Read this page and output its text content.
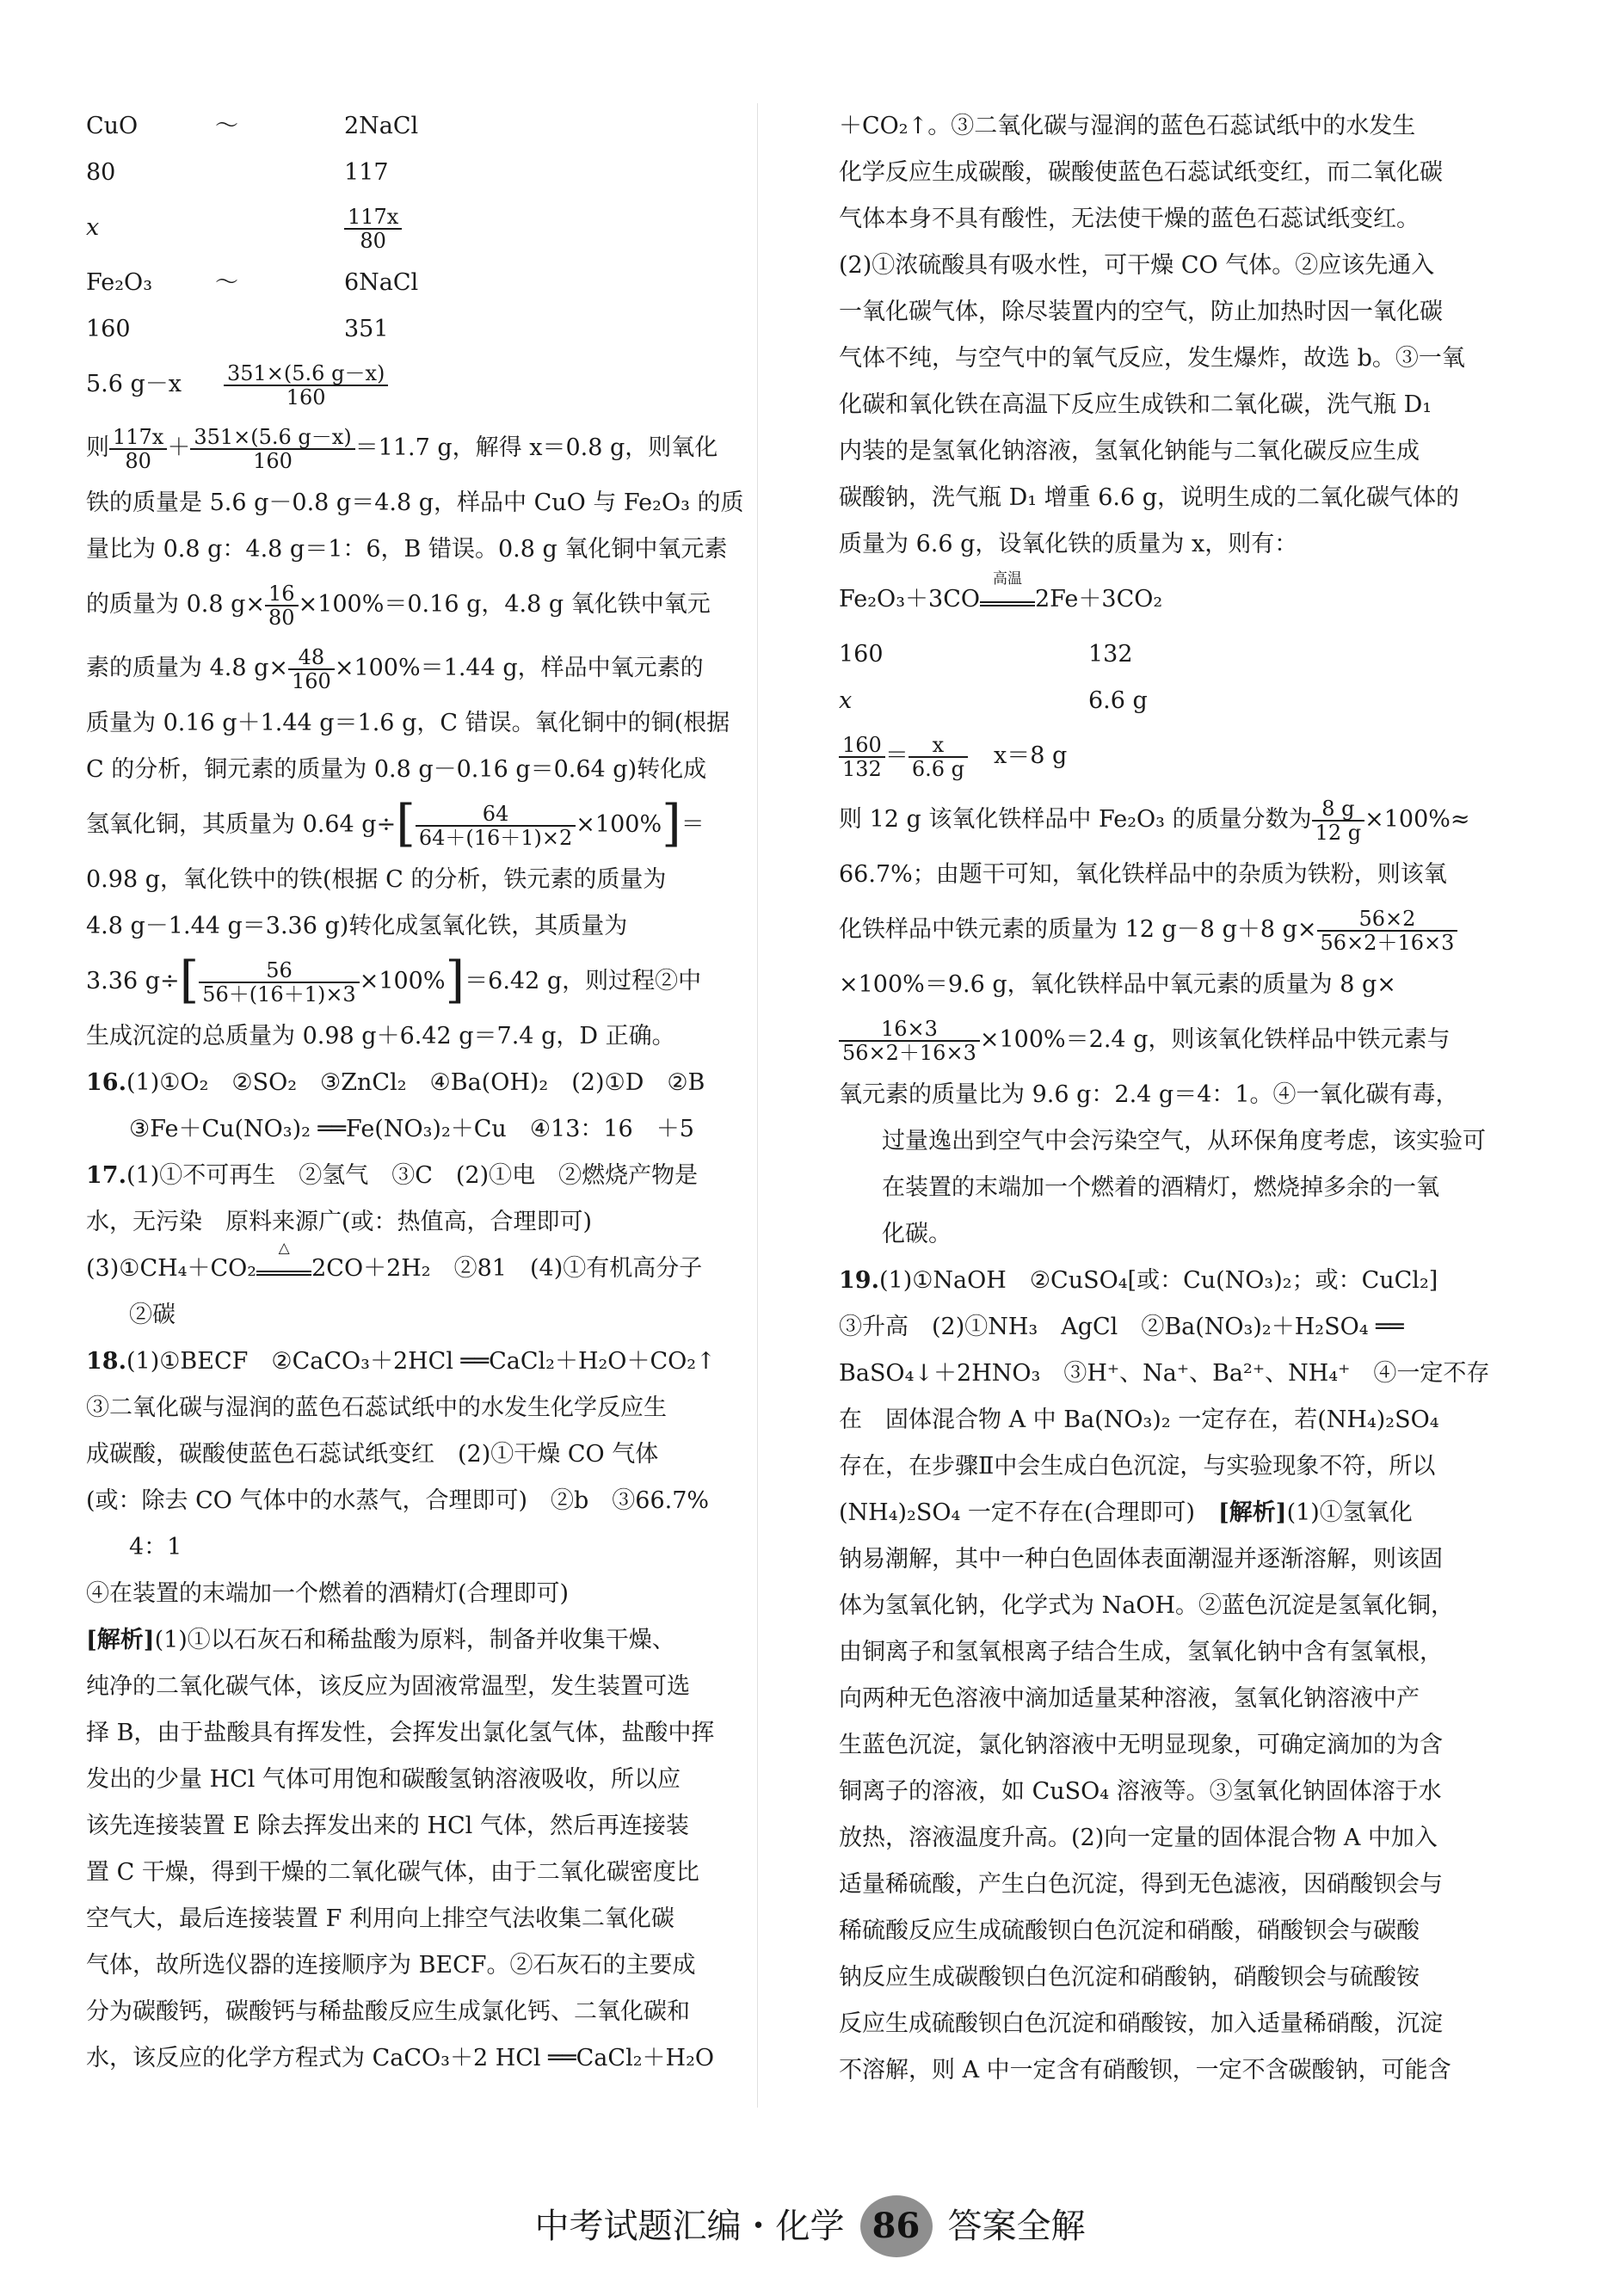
CuO	～	2NaCl
80	117
x	$\frac{117x}{80}$
Fe₂O₃	～	6NaCl
160	351
5.6 $g-x \frac{351\times(5.6 g-x)}{160}$
则 $\frac{117x}{80} + \frac{351\times(5.6 g-x)}{160} =11.7$ g，解得 x＝0.8 g，则氧化
铁的质量是 5.6 g－0.8 g＝4.8 g，样品中 CuO 与 Fe₂O₃ 的质
量比为 0.8 g：4.8 g＝1：6，B 错误。0.8 g 氧化铜中氧元素
的质量为 0.8 $g\times \frac{16}{80} \times 100\%=0.16$ g，4.8 g 氧化铁中氧元
素的质量为 4.8 $g\times \frac{48}{160} \times 100\%=1.44$ g，样品中氧元素的
质量为 0.16 g＋1.44 g＝1.6 g，C 错误。氧化铜中的铜(根据
C 的分析，铜元素的质量为 0.8 g－0.16 g＝0.64 g)转化成
氢氧化铜，其质量为 0.64 $g\div[ \frac{64}{64+(16+1)\times 2} \times 100\%]=$
0.98 g，氧化铁中的铁(根据 C 的分析，铁元素的质量为
4.8 g－1.44 g＝3.36 g)转化成氢氧化铁，其质量为
3.36 $g\div[ \frac{56}{56+(16+1)\times 3} \times 100\%]=6.42$ g，则过程②中
生成沉淀的总质量为 0.98 g＋6.42 g＝7.4 g，D 正确。
16.(1)①O₂　②SO₂　③ZnCl₂　④Ba(OH)₂　(2)①D　②B
③Fe＋Cu(NO₃)₂ ══Fe(NO₃)₂＋Cu　④13：16　＋5
17.(1)①不可再生　②氢气　③C　(2)①电　②燃烧产物是
水，无污染　原料来源广(或：热值高，合理即可)
(3)①CH₄＋CO₂
△
2CO＋2H₂　②81　(4)①有机高分子
②碳
18.(1)①BECF　②CaCO₃＋2HCl ══CaCl₂＋H₂O＋CO₂↑
③二氧化碳与湿润的蓝色石蕊试纸中的水发生化学反应生
成碳酸，碳酸使蓝色石蕊试纸变红　(2)①干燥 CO 气体
(或：除去 CO 气体中的水蒸气，合理即可)　②b　③66.7%
4：1
④在装置的末端加一个燃着的酒精灯(合理即可)
[解析](1)①以石灰石和稀盐酸为原料，制备并收集干燥、
纯净的二氧化碳气体，该反应为固液常温型，发生装置可选
择 B，由于盐酸具有挥发性，会挥发出氯化氢气体，盐酸中挥
发出的少量 HCl 气体可用饱和碳酸氢钠溶液吸收，所以应
该先连接装置 E 除去挥发出来的 HCl 气体，然后再连接装
置 C 干燥，得到干燥的二氧化碳气体，由于二氧化碳密度比
空气大，最后连接装置 F 利用向上排空气法收集二氧化碳
气体，故所选仪器的连接顺序为 BECF。②石灰石的主要成
分为碳酸钙，碳酸钙与稀盐酸反应生成氯化钙、二氧化碳和
水，该反应的化学方程式为 CaCO₃＋2 HCl ══CaCl₂＋H₂O
＋CO₂↑。③二氧化碳与湿润的蓝色石蕊试纸中的水发生
化学反应生成碳酸，碳酸使蓝色石蕊试纸变红，而二氧化碳
气体本身不具有酸性，无法使干燥的蓝色石蕊试纸变红。
(2)①浓硫酸具有吸水性，可干燥 CO 气体。②应该先通入
一氧化碳气体，除尽装置内的空气，防止加热时因一氧化碳
气体不纯，与空气中的氧气反应，发生爆炸，故选 b。③一氧
化碳和氧化铁在高温下反应生成铁和二氧化碳，洗气瓶 D₁
内装的是氢氧化钠溶液，氢氧化钠能与二氧化碳反应生成
碳酸钠，洗气瓶 D₁ 增重 6.6 g，说明生成的二氧化碳气体的
质量为 6.6 g，设氧化铁的质量为 x，则有：
Fe₂O₃＋3CO
高温
2Fe＋3CO₂
160	132
x	6.6 g
$\frac{160}{132} = \frac{x}{6.6 g} x=8$ g
则 12 g 该氧化铁样品中 Fe₂O₃ 的质量分数为 $\frac{8 g}{12 g} \times 100\%\approx$
66.7%；由题干可知，氧化铁样品中的杂质为铁粉，则该氧
化铁样品中铁元素的质量为 12 g－8 g＋8 $g\times \frac{56\times 2}{56\times 2+16\times 3}$
×100%＝9.6 g，氧化铁样品中氧元素的质量为 8 g×
$\frac{16\times 3}{56\times 2+16\times 3} \times 100\%=2.4$ g，则该氧化铁样品中铁元素与
氧元素的质量比为 9.6 g：2.4 g＝4：1。④一氧化碳有毒，
过量逸出到空气中会污染空气，从环保角度考虑，该实验可
在装置的末端加一个燃着的酒精灯，燃烧掉多余的一氧
化碳。
19.(1)①NaOH　②CuSO₄[或：Cu(NO₃)₂；或：CuCl₂]
③升高　(2)①NH₃　AgCl　②Ba(NO₃)₂＋H₂SO₄ ══
BaSO₄↓＋2HNO₃　③H⁺、Na⁺、Ba²⁺、NH₄⁺　④一定不存
在　固体混合物 A 中 Ba(NO₃)₂ 一定存在，若(NH₄)₂SO₄
存在，在步骤Ⅱ中会生成白色沉淀，与实验现象不符，所以
(NH₄)₂SO₄ 一定不存在(合理即可)　[解析](1)①氢氧化
钠易潮解，其中一种白色固体表面潮湿并逐渐溶解，则该固
体为氢氧化钠，化学式为 NaOH。②蓝色沉淀是氢氧化铜，
由铜离子和氢氧根离子结合生成，氢氧化钠中含有氢氧根，
向两种无色溶液中滴加适量某种溶液，氢氧化钠溶液中产
生蓝色沉淀，氯化钠溶液中无明显现象，可确定滴加的为含
铜离子的溶液，如 CuSO₄ 溶液等。③氢氧化钠固体溶于水
放热，溶液温度升高。(2)向一定量的固体混合物 A 中加入
适量稀硫酸，产生白色沉淀，得到无色滤液，因硝酸钡会与
稀硫酸反应生成硫酸钡白色沉淀和硝酸，硝酸钡会与碳酸
钠反应生成碳酸钡白色沉淀和硝酸钠，硝酸钡会与硫酸铵
反应生成硫酸钡白色沉淀和硝酸铵，加入适量稀硝酸，沉淀
不溶解，则 A 中一定含有硝酸钡，一定不含碳酸钠，可能含
中考试题汇编・化学 86 答案全解
